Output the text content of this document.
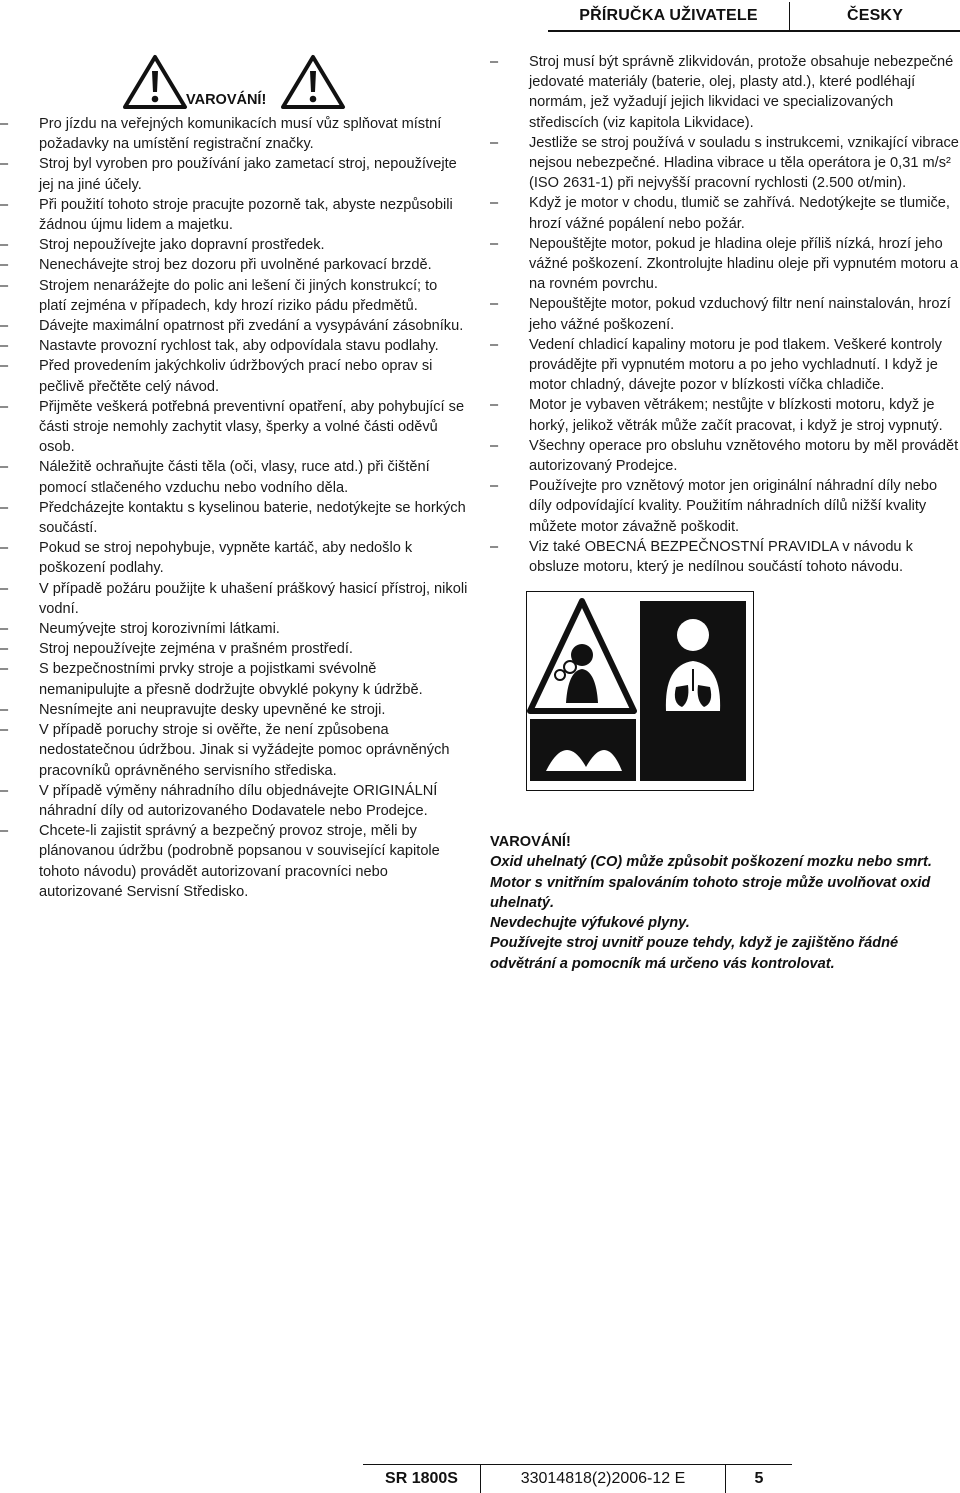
PŘÍRUČKA UŽIVATELE	ČESKY
VAROVÁNÍ!
–	Pro jízdu na veřejných komunikacích musí vůz splňovat místní požadavky na umístění registrační značky.
–	Stroj byl vyroben pro používání jako zametací stroj, nepoužívejte jej na jiné účely.
–	Při použití tohoto stroje pracujte pozorně tak, abyste nezpůsobili žádnou újmu lidem a majetku.
–	Stroj nepoužívejte jako dopravní prostředek.
–	Nenechávejte stroj bez dozoru při uvolněné parkovací brzdě.
–	Strojem nenarážejte do polic ani lešení či jiných konstrukcí; to platí zejména v případech, kdy hrozí riziko pádu předmětů.
–	Dávejte maximální opatrnost při zvedání a vysypávání zásobníku.
–	Nastavte provozní rychlost tak, aby odpovídala stavu podlahy.
–	Před provedením jakýchkoliv údržbových prací nebo oprav si pečlivě přečtěte celý návod.
–	Přijměte veškerá potřebná preventivní opatření, aby pohybující se části stroje nemohly zachytit vlasy, šperky a volné části oděvů osob.
–	Náležitě ochraňujte části těla (oči, vlasy, ruce atd.) při čištění pomocí stlačeného vzduchu nebo vodního děla.
–	Předcházejte kontaktu s kyselinou baterie, nedotýkejte se horkých součástí.
–	Pokud se stroj nepohybuje, vypněte kartáč, aby nedošlo k poškození podlahy.
–	V případě požáru použijte k uhašení práškový hasicí přístroj, nikoli vodní.
–	Neumývejte stroj korozivními látkami.
–	Stroj nepoužívejte zejména v prašném prostředí.
–	S bezpečnostními prvky stroje a pojistkami svévolně nemanipulujte a přesně dodržujte obvyklé pokyny k údržbě.
–	Nesnímejte ani neupravujte desky upevněné ke stroji.
–	V případě poruchy stroje si ověřte, že není způsobena nedostatečnou údržbou. Jinak si vyžádejte pomoc oprávněných pracovníků oprávněného servisního střediska.
–	V případě výměny náhradního dílu objednávejte ORIGINÁLNÍ náhradní díly od autorizovaného Dodavatele nebo Prodejce.
–	Chcete-li zajistit správný a bezpečný provoz stroje, měli by plánovanou údržbu (podrobně popsanou v související kapitole tohoto návodu) provádět autorizovaní pracovníci nebo autorizované Servisní Středisko.
–	Stroj musí být správně zlikvidován, protože obsahuje nebezpečné jedovaté materiály (baterie, olej, plasty atd.), které podléhají normám, jež vyžadují jejich likvidaci ve specializovaných střediscích (viz kapitola Likvidace).
–	Jestliže se stroj používá v souladu s instrukcemi, vznikající vibrace nejsou nebezpečné. Hladina vibrace u těla operátora je 0,31 m/s² (ISO 2631-1) při nejvyšší pracovní rychlosti (2.500 ot/min).
–	Když je motor v chodu, tlumič se zahřívá. Nedotýkejte se tlumiče, hrozí vážné popálení nebo požár.
–	Nepouštějte motor, pokud je hladina oleje příliš nízká, hrozí jeho vážné poškození. Zkontrolujte hladinu oleje při vypnutém motoru a na rovném povrchu.
–	Nepouštějte motor, pokud vzduchový filtr není nainstalován, hrozí jeho vážné poškození.
–	Vedení chladicí kapaliny motoru je pod tlakem. Veškeré kontroly provádějte při vypnutém motoru a po jeho vychladnutí. I když je motor chladný, dávejte pozor v blízkosti víčka chladiče.
–	Motor je vybaven větrákem; nestůjte v blízkosti motoru, když je horký, jelikož větrák může začít pracovat, i když je stroj vypnutý.
–	Všechny operace pro obsluhu vznětového motoru by měl provádět autorizovaný Prodejce.
–	Používejte pro vznětový motor jen originální náhradní díly nebo díly odpovídající kvality. Použitím náhradních dílů nižší kvality můžete motor závažně poškodit.
–	Viz také OBECNÁ BEZPEČNOSTNÍ PRAVIDLA v návodu k obsluze motoru, který je nedílnou součástí tohoto návodu.
VAROVÁNÍ!
Oxid uhelnatý (CO) může způsobit poškození mozku nebo smrt.
Motor s vnitřním spalováním tohoto stroje může uvolňovat oxid uhelnatý.
Nevdechujte výfukové plyny.
Používejte stroj uvnitř pouze tehdy, když je zajištěno řádné odvětrání a pomocník má určeno vás kontrolovat.
SR 1800S	33014818(2)2006-12 E	5
